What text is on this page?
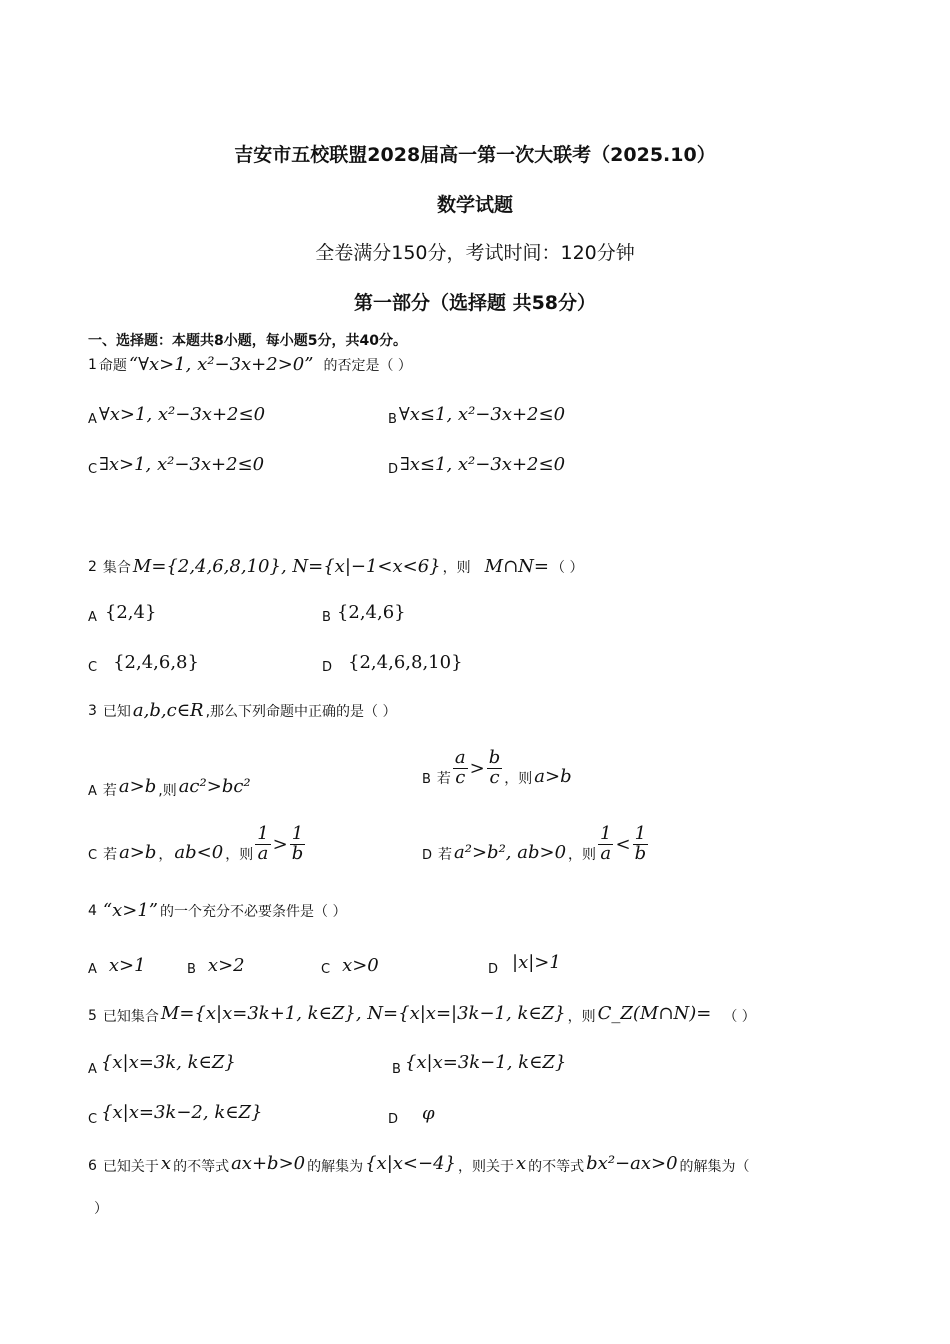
吉安市五校联盟2028届高一第一次大联考（2025.10）
数学试题
全卷满分150分，考试时间：120分钟
第一部分（选择题 共58分）
一、选择题：本题共8小题，每小题5分，共40分。
1 命题 “∀x>1, x²−3x+2>0” 的否定是（ ）
A ∀x>1, x²−3x+2≤0	B ∀x≤1, x²−3x+2≤0
C ∃x>1, x²−3x+2≤0	D ∃x≤1, x²−3x+2≤0
2 集合 M={2,4,6,8,10}, N={x|−1<x<6} ，则 M∩N= （ ）
A {2,4}	B {2,4,6}
C {2,4,6,8}	D {2,4,6,8,10}
3 已知 a,b,c∈R ,那么下列命题中正确的是（ ）
A 若 a>b ,则 ac²>bc²	B 若 $\frac{a}{c} > \frac{b}{c}$ ，则 a>b
C 若 a>b ， ab<0 ，则 $\frac{1}{a} > \frac{1}{b}$	D 若 a²>b², ab>0 ，则 $\frac{1}{a} < \frac{1}{b}$
4 “x>1” 的一个充分不必要条件是（ ）
A x>1	B x>2	C x>0	D |x|>1
5 已知集合 M={x|x=3k+1, k∈Z}, N={x|x=|3k−1, k∈Z} ，则 C_Z(M∩N)= （ ）
A {x|x=3k, k∈Z}	B {x|x=3k−1, k∈Z}
C {x|x=3k−2, k∈Z}	D φ
6 已知关于 x 的不等式 ax+b>0 的解集为 {x|x<−4} ，则关于 x 的不等式 bx²−ax>0 的解集为（
）
